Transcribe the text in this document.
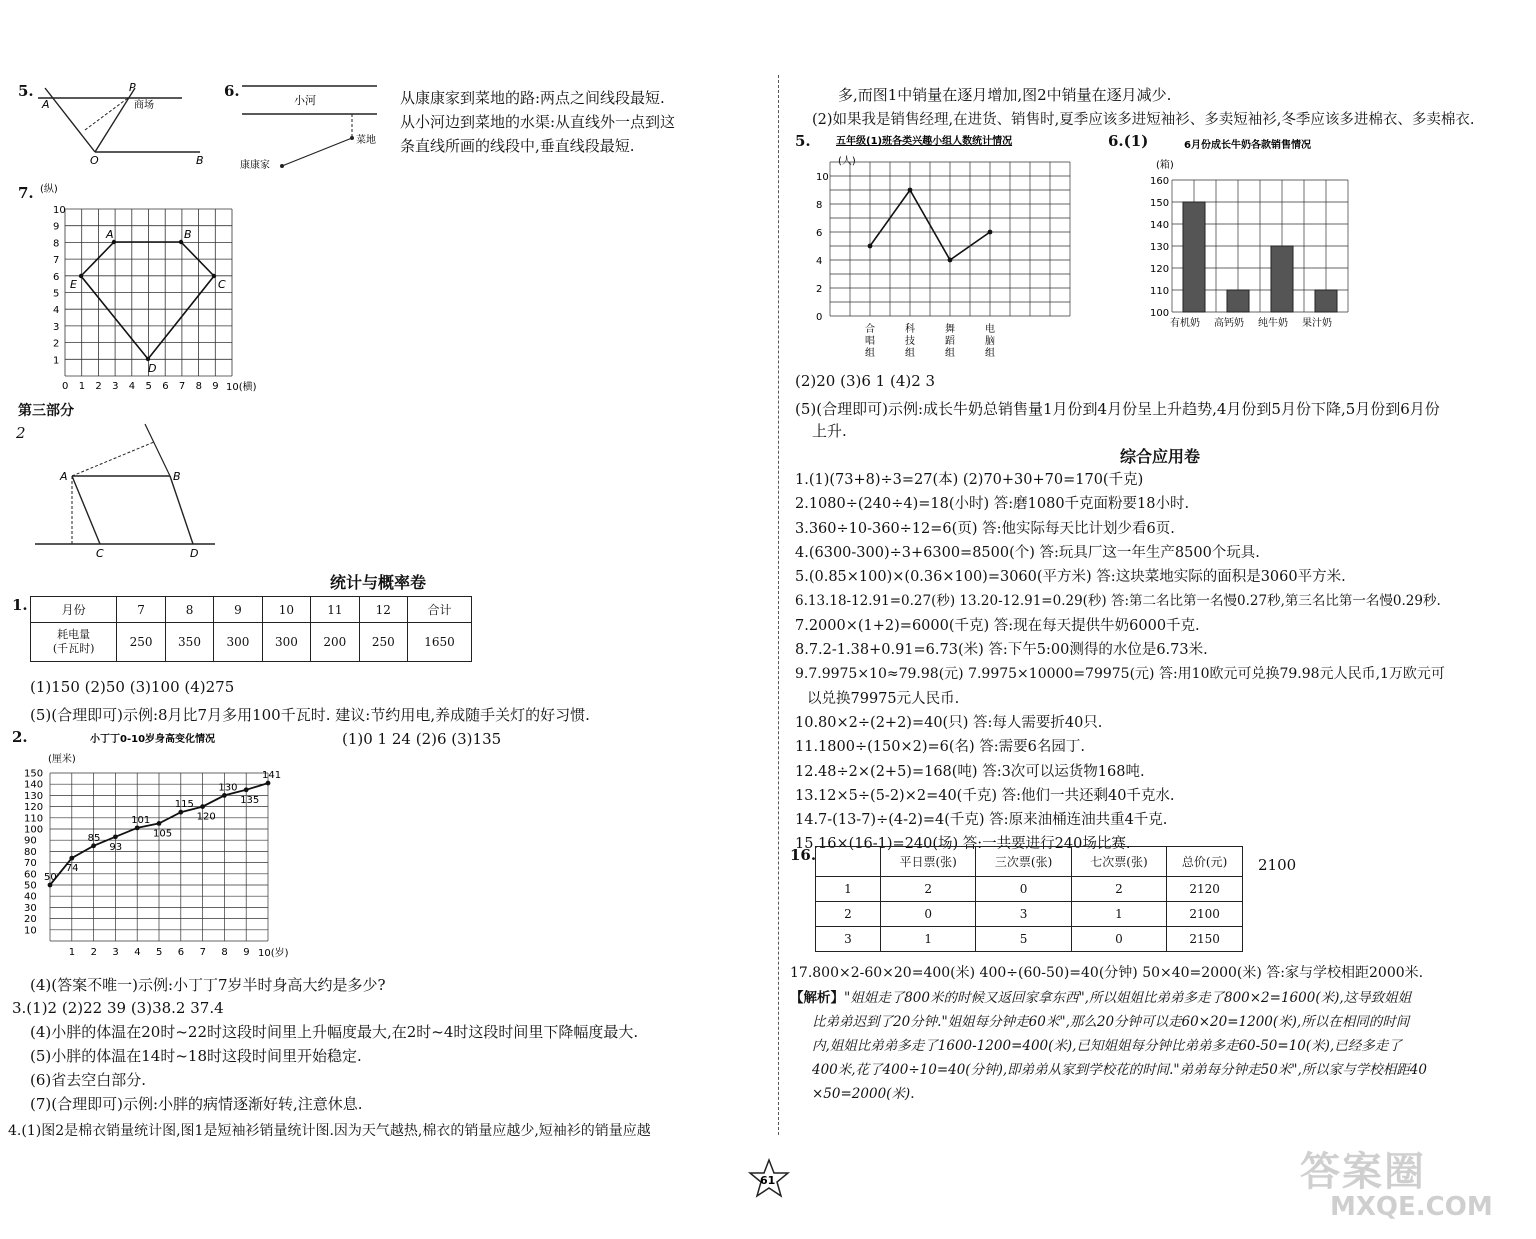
5.
A
P
商场
O	B
6.
小河
菜地
康康家
从康康家到菜地的路:两点之间线段最短.
从小河边到菜地的水渠:从直线外一点到这
条直线所画的线段中,垂直线段最短.
7. (纵)
10
9
8
7
6
5
4
3
2
1
0 1 2 3 4 5 6 7 8 9 10(横)
A	B
C
D
E
第三部分
2
A	B
C	D
统计与概率卷
1.	月份	7	8	9	10	11	12	合计

耗电量
(千瓦时)	250	350	300	300	200	250	1650
(1)150 (2)50 (3)100 (4)275
(5)(合理即可)示例:8月比7月多用100千瓦时. 建议:节约用电,养成随手关灯的好习惯.
2.	(1)0 1 24 (2)6 (3)135
小丁丁0-10岁身高变化情况
(厘米)
150
140
130
120
110
100
90
80
70
60
50
40
30
20
10
1 2 3 4 5 6 7 8 9 10(岁)
50
74
85
93
101
105
115
120
130
135
141
(4)(答案不唯一)示例:小丁丁7岁半时身高大约是多少?
3.(1)2 (2)22 39 (3)38.2 37.4
(4)小胖的体温在20时~22时这段时间里上升幅度最大,在2时~4时这段时间里下降幅度最大.
(5)小胖的体温在14时~18时这段时间里开始稳定.
(6)省去空白部分.
(7)(合理即可)示例:小胖的病情逐渐好转,注意休息.
4.(1)图2是棉衣销量统计图,图1是短袖衫销量统计图.因为天气越热,棉衣的销量应越少,短袖衫的销量应越
多,而图1中销量在逐月增加,图2中销量在逐月减少.
(2)如果我是销售经理,在进货、销售时,夏季应该多进短袖衫、多卖短袖衫,冬季应该多进棉衣、多卖棉衣.
5.	五年级(1)班各类兴趣小组人数统计情况
(人)
10
8
6
4
2
0
合唱组
科技组
舞蹈组
电脑组
6.(1)	6月份成长牛奶各款销售情况
(箱)
160
150
140
130
120
110
100
有机奶 高钙奶 纯牛奶 果汁奶
(2)20 (3)6 1 (4)2 3
(5)(合理即可)示例:成长牛奶总销售量1月份到4月份呈上升趋势,4月份到5月份下降,5月份到6月份
上升.
综合应用卷
1.(1)(73+8)÷3=27(本) (2)70+30+70=170(千克)
2.1080÷(240÷4)=18(小时) 答:磨1080千克面粉要18小时.
3.360÷10-360÷12=6(页) 答:他实际每天比计划少看6页.
4.(6300-300)÷3+6300=8500(个) 答:玩具厂这一年生产8500个玩具.
5.(0.85×100)×(0.36×100)=3060(平方米) 答:这块菜地实际的面积是3060平方米.
6.13.18-12.91=0.27(秒) 13.20-12.91=0.29(秒) 答:第二名比第一名慢0.27秒,第三名比第一名慢0.29秒.
7.2000×(1+2)=6000(千克) 答:现在每天提供牛奶6000千克.
8.7.2-1.38+0.91=6.73(米) 答:下午5:00测得的水位是6.73米.
9.7.9975×10≈79.98(元) 7.9975×10000=79975(元) 答:用10欧元可兑换79.98元人民币,1万欧元可
以兑换79975元人民币.
10.80×2÷(2+2)=40(只) 答:每人需要折40只.
11.1800÷(150×2)=6(名) 答:需要6名园丁.
12.48÷2×(2+5)=168(吨) 答:3次可以运货物168吨.
13.12×5÷(5-2)×2=40(千克) 答:他们一共还剩40千克水.
14.7-(13-7)÷(4-2)=4(千克) 答:原来油桶连油共重4千克.
15.16×(16-1)=240(场) 答:一共要进行240场比赛.
16.
		平日票(张)	三次票(张)	七次票(张)	总价(元)
1	2	0	2	2120
2	0	3	1	2100
3	1	5	0	2150
2100
17.800×2-60×20=400(米) 400÷(60-50)=40(分钟) 50×40=2000(米) 答:家与学校相距2000米.
【解析】"姐姐走了800米的时候又返回家拿东西",所以姐姐比弟弟多走了800×2=1600(米),这导致姐姐
比弟弟迟到了20分钟."姐姐每分钟走60米",那么20分钟可以走60×20=1200(米),所以在相同的时间
内,姐姐比弟弟多走了1600-1200=400(米),已知姐姐每分钟比弟弟多走60-50=10(米),已经多走了
400米,花了400÷10=40(分钟),即弟弟从家到学校花的时间."弟弟每分钟走50米",所以家与学校相距40
×50=2000(米).
61	答案圈
MXQE.COM
